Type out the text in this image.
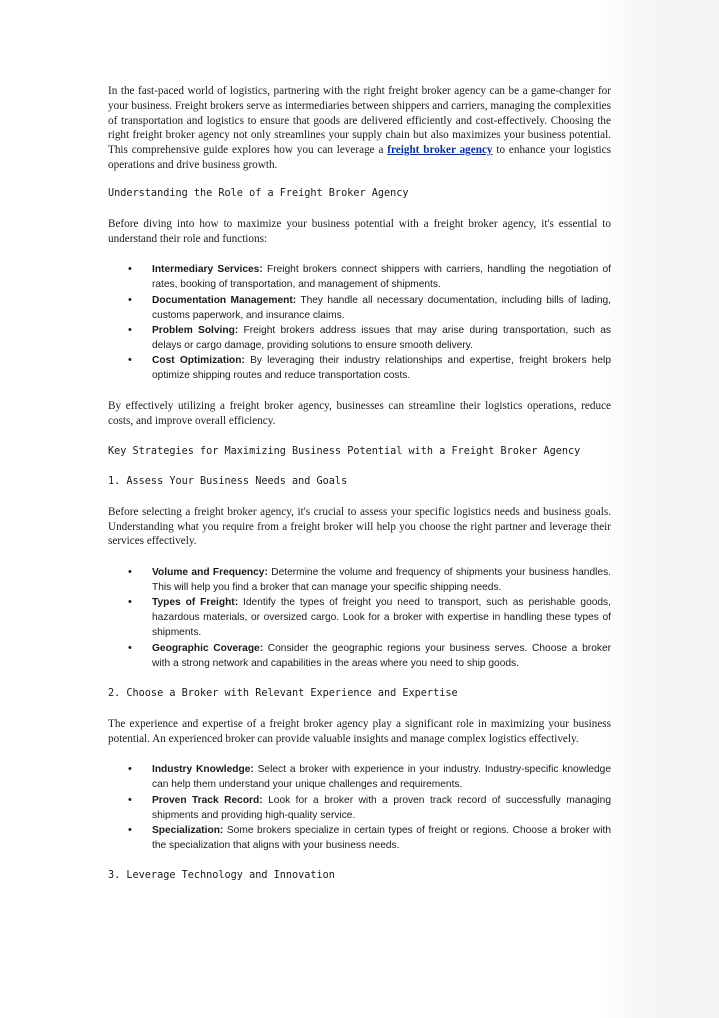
In the fast-paced world of logistics, partnering with the right freight broker agency can be a game-changer for your business. Freight brokers serve as intermediaries between shippers and carriers, managing the complexities of transportation and logistics to ensure that goods are delivered efficiently and cost-effectively. Choosing the right freight broker agency not only streamlines your supply chain but also maximizes your business potential. This comprehensive guide explores how you can leverage a freight broker agency to enhance your logistics operations and drive business growth.

Understanding the Role of a Freight Broker Agency

Before diving into how to maximize your business potential with a freight broker agency, it's essential to understand their role and functions:

• Intermediary Services: Freight brokers connect shippers with carriers, handling the negotiation of rates, booking of transportation, and management of shipments.
• Documentation Management: They handle all necessary documentation, including bills of lading, customs paperwork, and insurance claims.
• Problem Solving: Freight brokers address issues that may arise during transportation, such as delays or cargo damage, providing solutions to ensure smooth delivery.
• Cost Optimization: By leveraging their industry relationships and expertise, freight brokers help optimize shipping routes and reduce transportation costs.

By effectively utilizing a freight broker agency, businesses can streamline their logistics operations, reduce costs, and improve overall efficiency.

Key Strategies for Maximizing Business Potential with a Freight Broker Agency
1. Assess Your Business Needs and Goals

Before selecting a freight broker agency, it's crucial to assess your specific logistics needs and business goals. Understanding what you require from a freight broker will help you choose the right partner and leverage their services effectively.

• Volume and Frequency: Determine the volume and frequency of shipments your business handles. This will help you find a broker that can manage your specific shipping needs.
• Types of Freight: Identify the types of freight you need to transport, such as perishable goods, hazardous materials, or oversized cargo. Look for a broker with expertise in handling these types of shipments.
• Geographic Coverage: Consider the geographic regions your business serves. Choose a broker with a strong network and capabilities in the areas where you need to ship goods.
2. Choose a Broker with Relevant Experience and Expertise

The experience and expertise of a freight broker agency play a significant role in maximizing your business potential. An experienced broker can provide valuable insights and manage complex logistics effectively.

• Industry Knowledge: Select a broker with experience in your industry. Industry-specific knowledge can help them understand your unique challenges and requirements.
• Proven Track Record: Look for a broker with a proven track record of successfully managing shipments and providing high-quality service.
• Specialization: Some brokers specialize in certain types of freight or regions. Choose a broker with the specialization that aligns with your business needs.
3. Leverage Technology and Innovation
